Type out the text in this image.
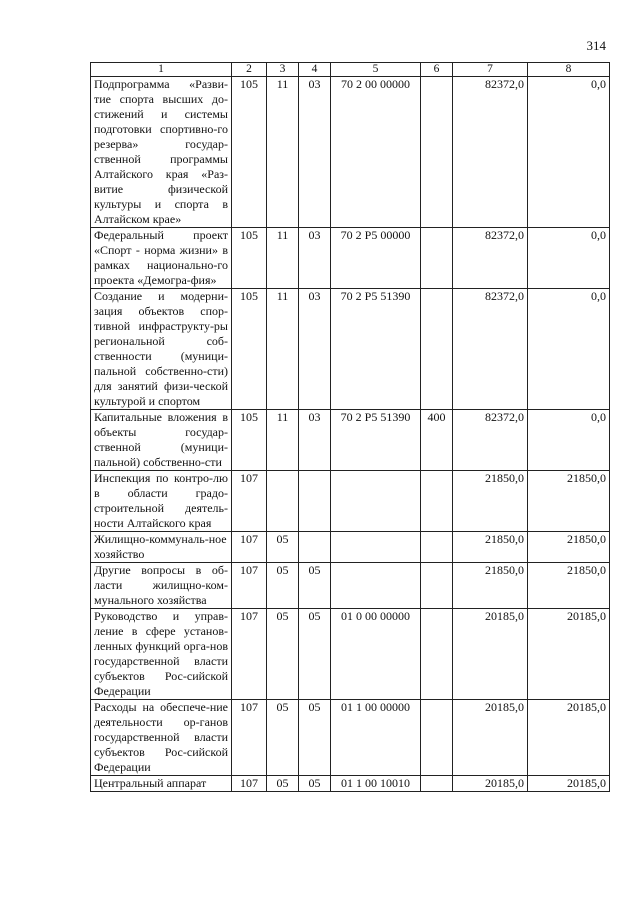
314
1	2	3	4	5	6	7	8
Подпрограмма «Разви-тие спорта высших до-стижений и системы подготовки спортивно-го резерва» государ-ственной программы Алтайского края «Раз-витие физической культуры и спорта в Алтайском крае»	105	11	03	70 2 00 00000		82372,0	0,0
Федеральный проект «Спорт - норма жизни» в рамках национально-го проекта «Демогра-фия»	105	11	03	70 2 P5 00000		82372,0	0,0
Создание и модерни-зация объектов спор-тивной инфраструкту-ры региональной соб-ственности (муници-пальной собственно-сти) для занятий физи-ческой культурой и спортом	105	11	03	70 2 P5 51390		82372,0	0,0
Капитальные вложения в объекты государ-ственной (муници-пальной) собственно-сти	105	11	03	70 2 P5 51390	400	82372,0	0,0
Инспекция по контро-лю в области градо-строительной деятель-ности Алтайского края	107					21850,0	21850,0
Жилищно-коммуналь-ное хозяйство	107	05				21850,0	21850,0
Другие вопросы в об-ласти жилищно-ком-мунального хозяйства	107	05	05			21850,0	21850,0
Руководство и управ-ление в сфере установ-ленных функций орга-нов государственной власти субъектов Рос-сийской Федерации	107	05	05	01 0 00 00000		20185,0	20185,0
Расходы на обеспече-ние деятельности ор-ганов государственной власти субъектов Рос-сийской Федерации	107	05	05	01 1 00 00000		20185,0	20185,0
Центральный аппарат	107	05	05	01 1 00 10010		20185,0	20185,0
